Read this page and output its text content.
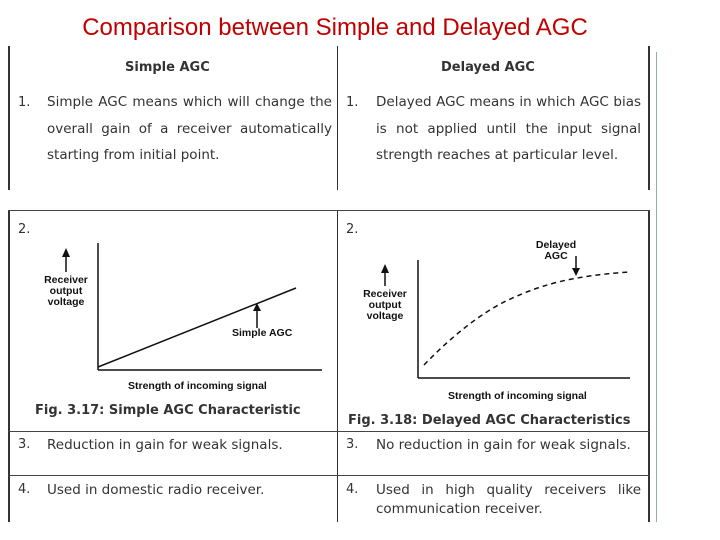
Comparison between Simple and Delayed AGC
Simple AGC	Delayed AGC
1. Simple AGC means which will change the overall gain of a receiver automatically starting from initial point.
1. Delayed AGC means in which AGC bias is not applied until the input signal strength reaches at particular level.
2.	2.
Simple AGC
Strength of incoming signal
Receiver output voltage
Fig. 3.17: Simple AGC Characteristic
Strength of incoming signal
Delayed AGC
Receiver output voltage
Fig. 3.18: Delayed AGC Characteristics
3. Reduction in gain for weak signals.	3. No reduction in gain for weak signals.
4. Used in domestic radio receiver.	4. Used in high quality receivers like communication receiver.
